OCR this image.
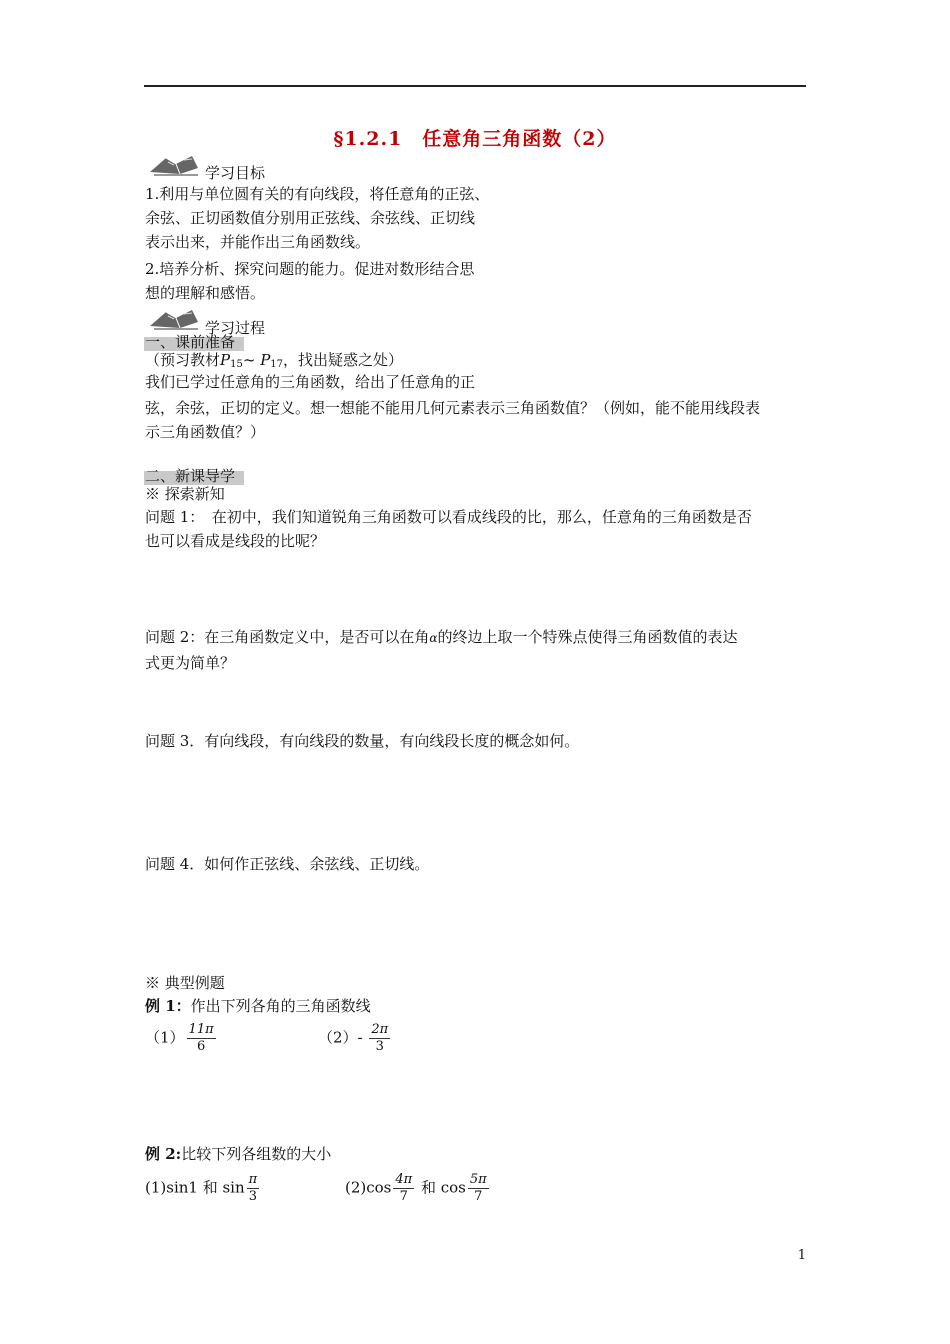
§1.2.1　任意角三角函数（2）
学习目标
1.利用与单位圆有关的有向线段，将任意角的正弦、
余弦、正切函数值分别用正弦线、余弦线、正切线
表示出来，并能作出三角函数线。
2.培养分析、探究问题的能力。促进对数形结合思
想的理解和感悟。
学习过程
一、课前准备
（预习教材$P_{15}\sim$ $P_{17}$，找出疑惑之处）
我们已学过任意角的三角函数，给出了任意角的正
弦，余弦，正切的定义。想一想能不能用几何元素表示三角函数值？（例如，能不能用线段表
示三角函数值？）
二、新课导学
※ 探索新知
问题 1：　在初中，我们知道锐角三角函数可以看成线段的比，那么，任意角的三角函数是否
也可以看成是线段的比呢？
问题 2：在三角函数定义中，是否可以在角α的终边上取一个特殊点使得三角函数值的表达
式更为简单？
问题 3．有向线段，有向线段的数量，有向线段长度的概念如何。
问题 4．如何作正弦线、余弦线、正切线。
※ 典型例题
例 1：作出下列各角的三角函数线
$(1) \frac{11\pi}{6}$	$(2)- \frac{2\pi}{3}$
例 2:比较下列各组数的大小
(1)sin1 和 $\sin \frac{\pi}{3}$	$(2)\cos \frac{4\pi}{7}$ 和 $\cos \frac{5\pi}{7}$
1
